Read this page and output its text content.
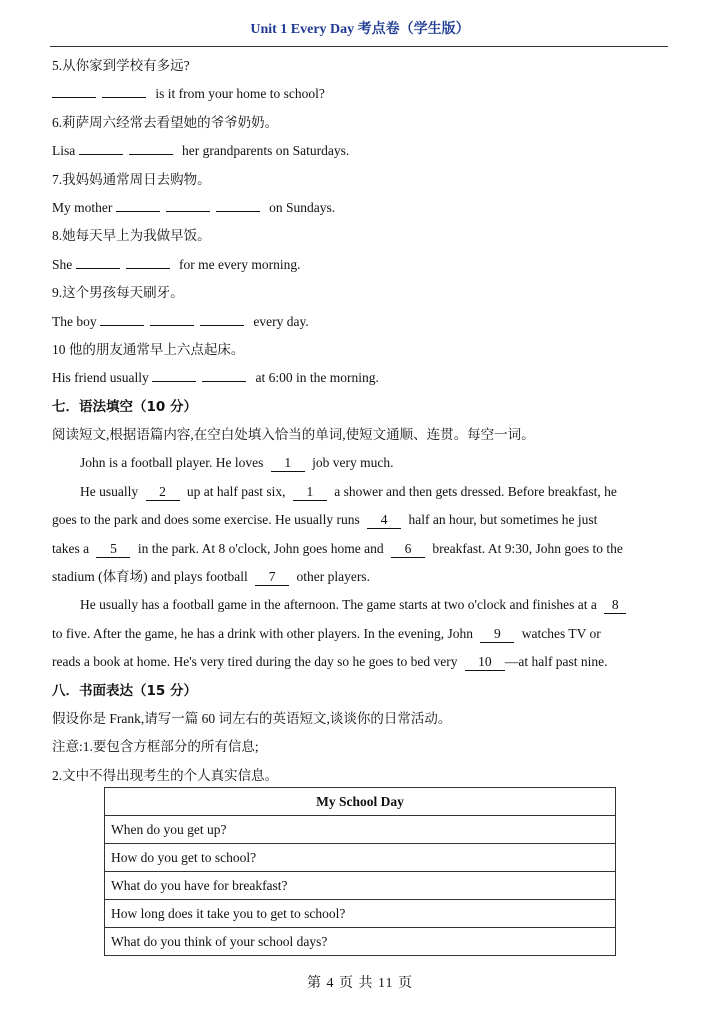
Unit 1 Every Day 考点卷（学生版）
5.从你家到学校有多远?
is it from your home to school?
6.莉萨周六经常去看望她的爷爷奶奶。
Lisa	her grandparents on Saturdays.
7.我妈妈通常周日去购物。
My mother	on Sundays.
8.她每天早上为我做早饭。
She	for me every morning.
9.这个男孩每天刷牙。
The boy	every day.
10 他的朋友通常早上六点起床。
His friend usually	at 6:00 in the morning.
七．语法填空（10 分）
阅读短文,根据语篇内容,在空白处填入恰当的单词,使短文通顺、连贯。每空一词。
John is a football player. He loves 1 job very much.
He usually 2 up at half past six, 1 a shower and then gets dressed. Before breakfast, he
goes to the park and does some exercise. He usually runs 4 half an hour, but sometimes he just
takes a 5 in the park. At 8 o'clock, John goes home and 6 breakfast. At 9:30, John goes to the
stadium (体育场) and plays football 7 other players.
He usually has a football game in the afternoon. The game starts at two o'clock and finishes at a 8
to five. After the game, he has a drink with other players. In the evening, John 9 watches TV or
reads a book at home. He's very tired during the day so he goes to bed very 10 —at half past nine.
八．书面表达（15 分）
假设你是 Frank,请写一篇 60 词左右的英语短文,谈谈你的日常活动。
注意:1.要包含方框部分的所有信息;
2.文中不得出现考生的个人真实信息。
My School Day
When do you get up?
How do you get to school?
What do you have for breakfast?
How long does it take you to get to school?
What do you think of your school days?
第 4 页 共 11 页
